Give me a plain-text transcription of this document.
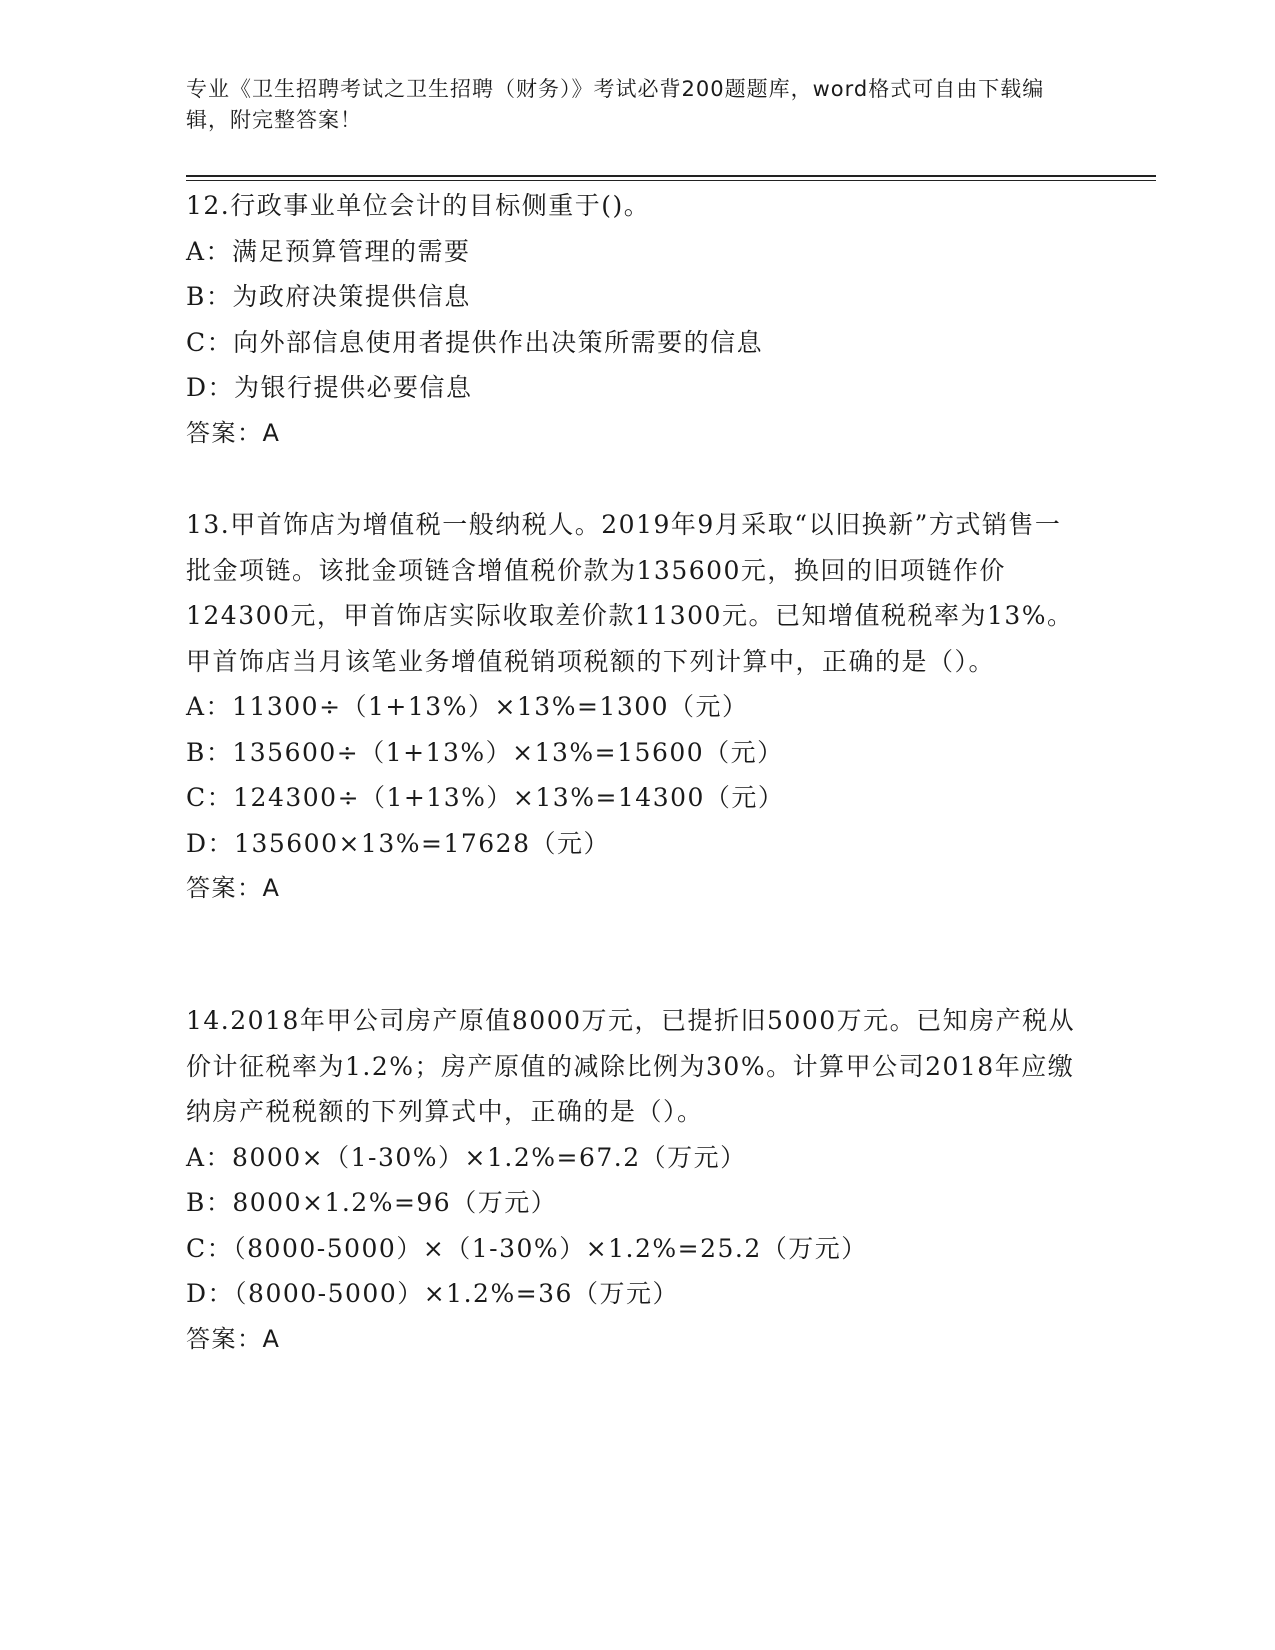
专业《卫生招聘考试之卫生招聘（财务）》考试必背200题题库，word格式可自由下载编辑，附完整答案！

12.行政事业单位会计的目标侧重于()。

A：满足预算管理的需要

B：为政府决策提供信息

C：向外部信息使用者提供作出决策所需要的信息

D：为银行提供必要信息

答案：A

13.甲首饰店为增值税一般纳税人。2019年9月采取“以旧换新”方式销售一批金项链。该批金项链含增值税价款为135600元，换回的旧项链作价124300元，甲首饰店实际收取差价款11300元。已知增值税税率为13%。甲首饰店当月该笔业务增值税销项税额的下列计算中，正确的是（）。

A：11300÷（1+13%）×13%=1300（元）

B：135600÷（1+13%）×13%=15600（元）

C：124300÷（1+13%）×13%=14300（元）

D：135600×13%=17628（元）

答案：A

14.2018年甲公司房产原值8000万元，已提折旧5000万元。已知房产税从价计征税率为1.2%；房产原值的减除比例为30%。计算甲公司2018年应缴纳房产税税额的下列算式中，正确的是（）。

A：8000×（1-30%）×1.2%=67.2（万元）

B：8000×1.2%=96（万元）

C：（8000-5000）×（1-30%）×1.2%=25.2（万元）

D：（8000-5000）×1.2%=36（万元）

答案：A
